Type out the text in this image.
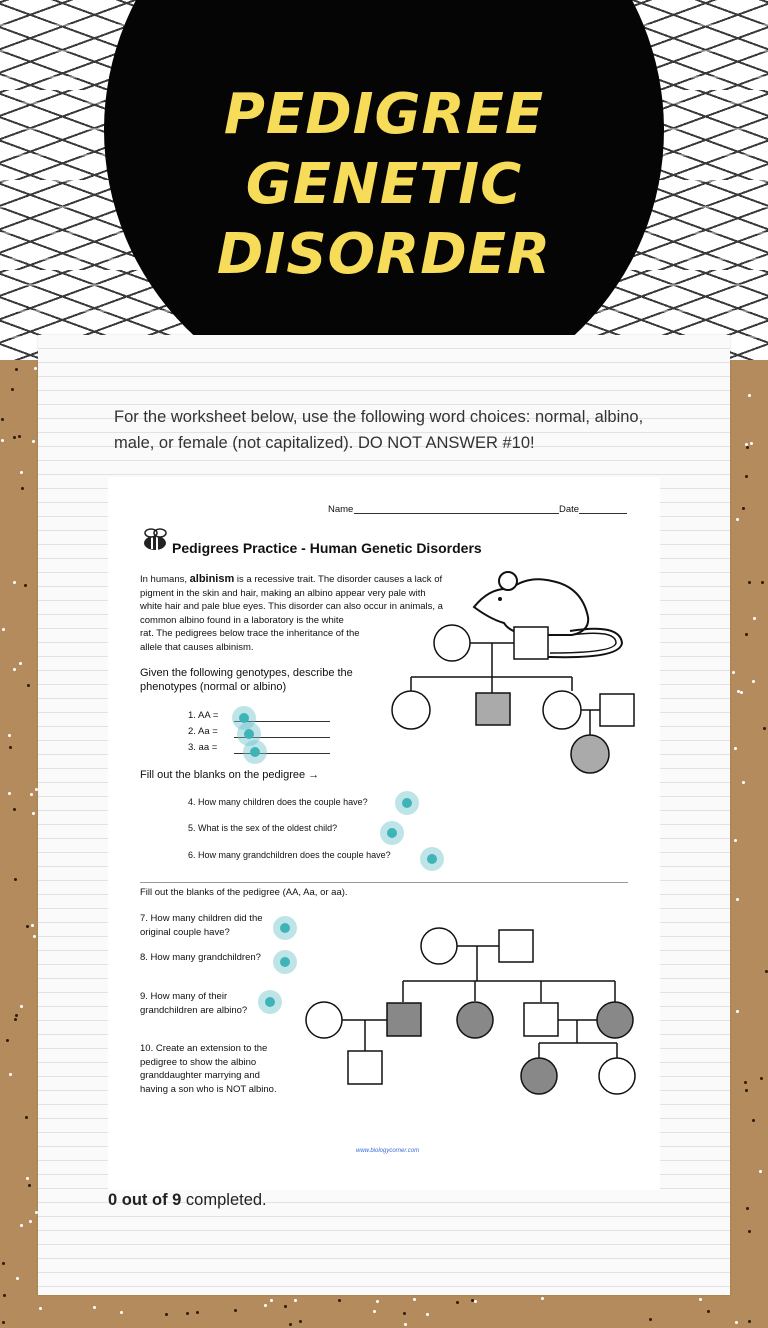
PEDIGREE
GENETIC
DISORDER
For the worksheet below, use the following word choices: normal, albino, male, or female (not capitalized). DO NOT ANSWER #10!
Name	Date
Pedigrees Practice - Human Genetic Disorders
In humans, albinism is a recessive trait. The disorder causes a lack of
pigment in the skin and hair, making an albino appear very pale with
white hair and pale blue eyes. This disorder can also occur in animals, a
common albino found in a laboratory is the white
rat. The pedigrees below trace the inheritance of the
allele that causes albinism.
Given the following genotypes, describe the
phenotypes (normal or albino)
1. AA =
2. Aa =
3. aa =
Fill out the blanks on the pedigree →
4. How many children does the couple have?
5. What is the sex of the oldest child?
6. How many grandchildren does the couple have?
Fill out the blanks of the pedigree (AA, Aa, or aa).
7. How many children did the
original couple have?
8. How many grandchildren?
9. How many of their
grandchildren are albino?
10. Create an extension to the
pedigree to show the albino
granddaughter marrying and
having a son who is NOT albino.
www.biologycorner.com
0 out of 9 completed.
